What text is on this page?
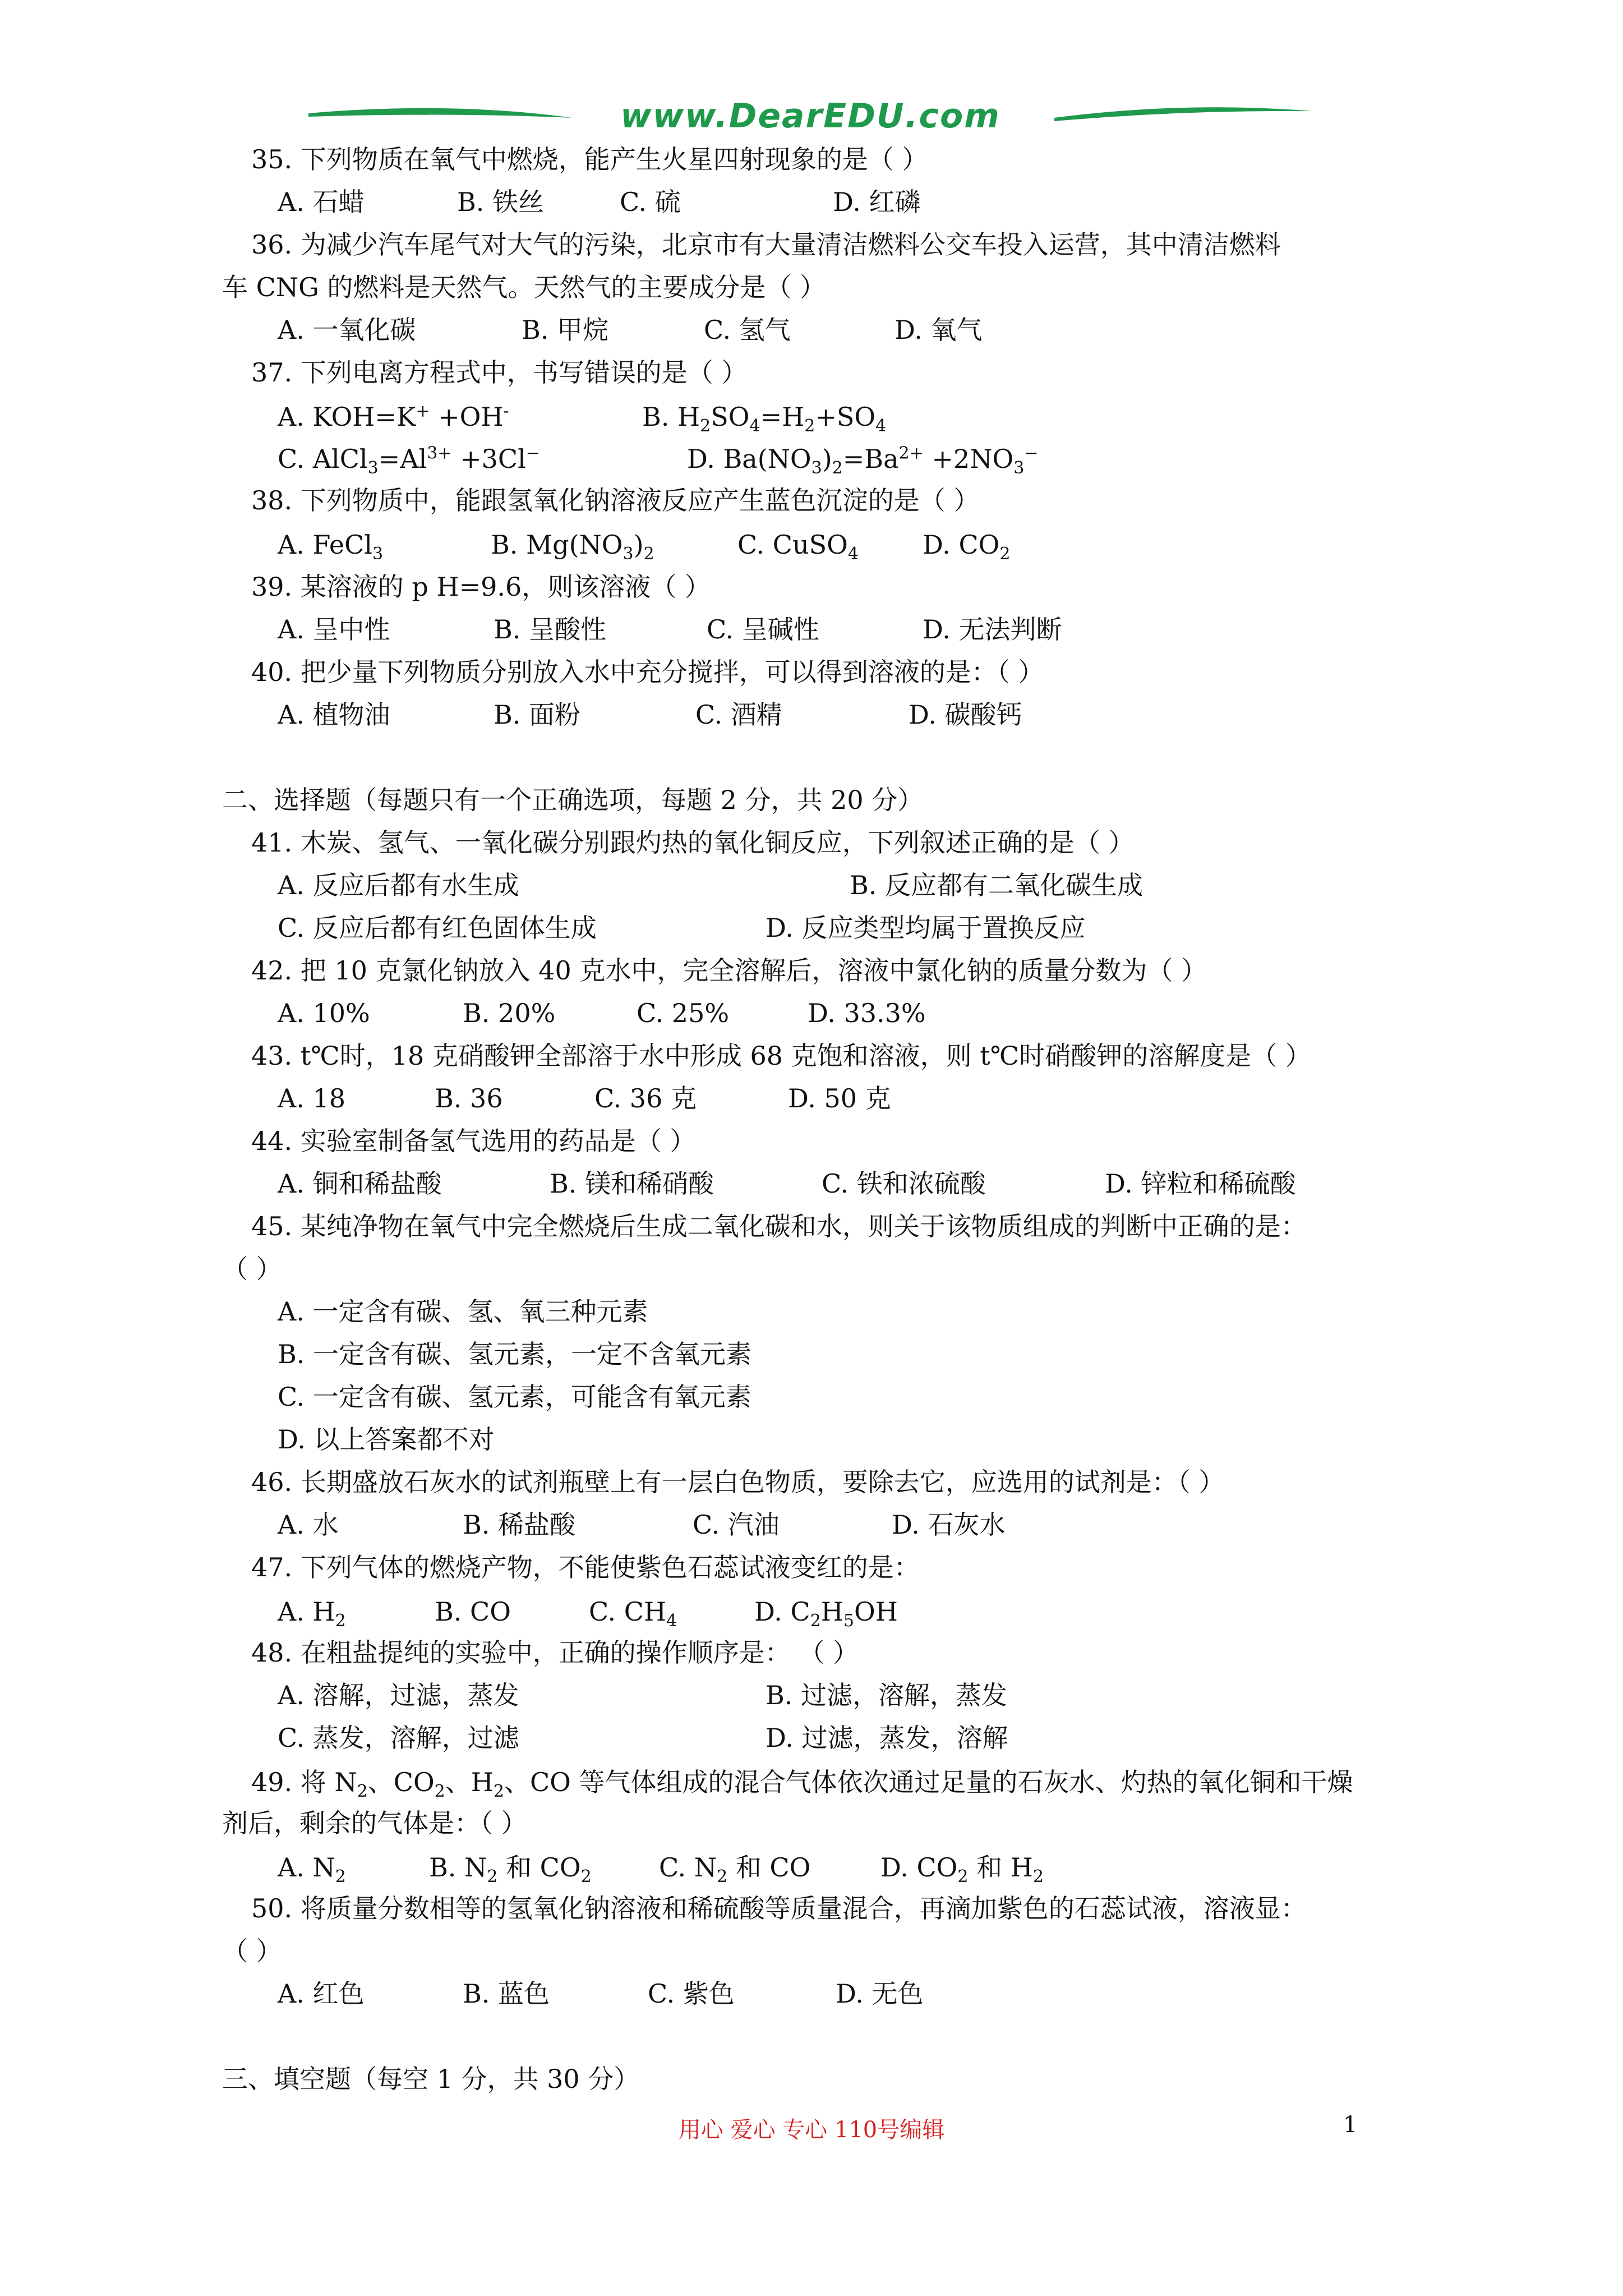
www.DearEDU.com
35. 下列物质在氧气中燃烧，能产生火星四射现象的是（ ）
A. 石蜡	B. 铁丝	C. 硫	D. 红磷
36. 为减少汽车尾气对大气的污染，北京市有大量清洁燃料公交车投入运营，其中清洁燃料
车 CNG 的燃料是天然气。天然气的主要成分是（ ）
A. 一氧化碳	B. 甲烷	C. 氢气	D. 氧气
37. 下列电离方程式中，书写错误的是（ ）
A. KOH=K+ +OH-	B. $H_2SO_4=H_2+SO_4$
C. $AlCl_3=Al^{3+} +3Cl^-$	D. $Ba(NO_3)_2=Ba^{2+} +2NO_3^-$
38. 下列物质中，能跟氢氧化钠溶液反应产生蓝色沉淀的是（ ）
A. FeCl$_3$	B. $Mg(NO_3)_2$	C. CuSO$_4$ D. $CO_2$
39. 某溶液的 p H=9.6，则该溶液（ ）
A. 呈中性	B. 呈酸性	C. 呈碱性	D. 无法判断
40. 把少量下列物质分别放入水中充分搅拌，可以得到溶液的是：（ ）
A. 植物油	B. 面粉	C. 酒精	D. 碳酸钙
二、选择题（每题只有一个正确选项，每题 2 分，共 20 分）
41. 木炭、氢气、一氧化碳分别跟灼热的氧化铜反应，下列叙述正确的是（ ）
A. 反应后都有水生成	B. 反应都有二氧化碳生成
C. 反应后都有红色固体生成	D. 反应类型均属于置换反应
42. 把 10 克氯化钠放入 40 克水中，完全溶解后，溶液中氯化钠的质量分数为（ ）
A. 10%	B. 20%	C. 25%	D. 33.3%
43. t℃时，18 克硝酸钾全部溶于水中形成 68 克饱和溶液，则 t℃时硝酸钾的溶解度是（ ）
A. 18	B. 36	C. 36 克	D. 50 克
44. 实验室制备氢气选用的药品是（ ）
A. 铜和稀盐酸	B. 镁和稀硝酸	C. 铁和浓硫酸	D. 锌粒和稀硫酸
45. 某纯净物在氧气中完全燃烧后生成二氧化碳和水，则关于该物质组成的判断中正确的是：
（ ）
A. 一定含有碳、氢、氧三种元素
B. 一定含有碳、氢元素，一定不含氧元素
C. 一定含有碳、氢元素，可能含有氧元素
D. 以上答案都不对
46. 长期盛放石灰水的试剂瓶壁上有一层白色物质，要除去它，应选用的试剂是：（ ）
A. 水	B. 稀盐酸	C. 汽油	D. 石灰水
47. 下列气体的燃烧产物，不能使紫色石蕊试液变红的是：
A. $H_2$	B. CO	C. $CH_4$	D. $C_2H_5OH$
48. 在粗盐提纯的实验中，正确的操作顺序是： （ ）
A. 溶解，过滤，蒸发	B. 过滤，溶解，蒸发
C. 蒸发，溶解，过滤	D. 过滤，蒸发，溶解
49. 将 $N_2$、$CO_2$、$H_2$、CO 等气体组成的混合气体依次通过足量的石灰水、灼热的氧化铜和干燥
剂后，剩余的气体是：（ ）
A. $N_2$	B. $N_2$ 和 $CO_2$	C. $N_2$ 和 CO	D. $CO_2$ 和 $H_2$
50. 将质量分数相等的氢氧化钠溶液和稀硫酸等质量混合，再滴加紫色的石蕊试液，溶液显：
（ ）
A. 红色	B. 蓝色	C. 紫色	D. 无色
三、填空题（每空 1 分，共 30 分）
用心 爱心 专心 110号编辑	1
